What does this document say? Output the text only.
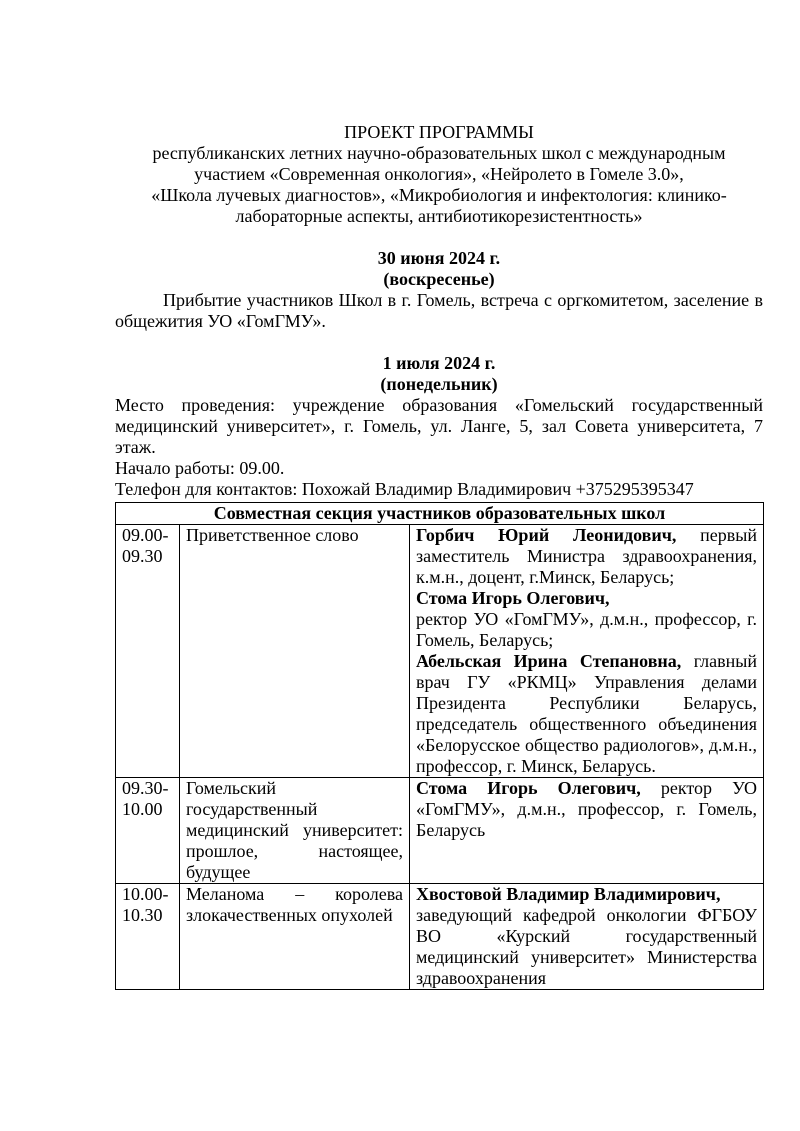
ПРОЕКТ ПРОГРАММЫ

республиканских летних научно-образовательных школ с международным

участием «Современная онкология», «Нейролето в Гомеле 3.0»,

«Школа лучевых диагностов», «Микробиология и инфектология: клинико-

лабораторные аспекты, антибиотикорезистентность»

30 июня 2024 г.

(воскресенье)

Прибытие участников Школ в г. Гомель, встреча с оргкомитетом, заселение в общежития УО «ГомГМУ».

1 июля 2024 г.

(понедельник)

Место проведения: учреждение образования «Гомельский государственный медицинский университет», г. Гомель, ул. Ланге, 5, зал Совета университета, 7 этаж.

Начало работы: 09.00.

Телефон для контактов: Похожай Владимир Владимирович +375295395347

Совместная секция участников образовательных школ		
09.00-09.30	Приветственное слово	Горбич Юрий Леонидович, первый заместитель Министра здравоохранения, к.м.н., доцент, г.Минск, Беларусь;

Стома Игорь Олегович,

ректор УО «ГомГМУ», д.м.н., профессор, г. Гомель, Беларусь;

Абельская Ирина Степановна, главный врач ГУ «РКМЦ» Управления делами Президента Республики Беларусь, председатель общественного объединения «Белорусское общество радиологов», д.м.н., профессор, г. Минск, Беларусь.

09.30-10.00	Гомельский государственный медицинский университет: прошлое, настоящее, будущее	Стома Игорь Олегович, ректор УО «ГомГМУ», д.м.н., профессор, г. Гомель, Беларусь

10.00-10.30	Меланома – королева злокачественных опухолей	Хвостовой Владимир Владимирович,

заведующий кафедрой онкологии ФГБОУ ВО «Курский государственный медицинский университет» Министерства здравоохранения
